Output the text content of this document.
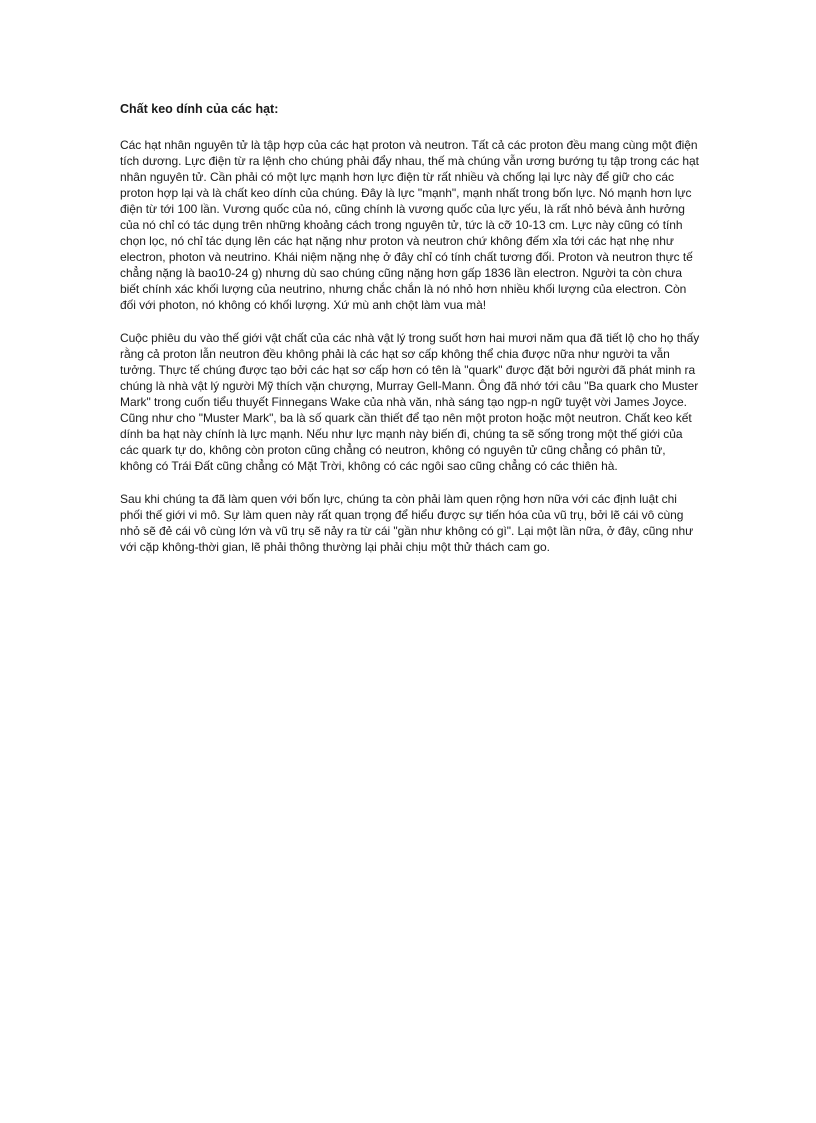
Chất keo dính của các hạt:

Các hạt nhân nguyên tử là tập hợp của các hạt proton và neutron. Tất cả các proton đều mang cùng một điện tích dương. Lực điện từ ra lệnh cho chúng phải đẩy nhau, thế mà chúng vẫn ương bướng tụ tập trong các hạt nhân nguyên tử. Cần phải có một lực mạnh hơn lực điện từ rất nhiều và chống lại lực này để giữ cho các proton hợp lại và là chất keo dính của chúng. Đây là lực "mạnh", mạnh nhất trong bốn lực. Nó mạnh hơn lực điện từ tới 100 lần. Vương quốc của nó, cũng chính là vương quốc của lực yếu, là rất nhỏ bévà ảnh hưởng của nó chỉ có tác dụng trên những khoảng cách trong nguyên tử, tức là cỡ 10-13 cm. Lực này cũng có tính chọn lọc, nó chỉ tác dụng lên các hạt nặng như proton và neutron chứ không đếm xỉa tới các hạt nhẹ như electron, photon và neutrino. Khái niệm nặng nhẹ ở đây chỉ có tính chất tương đối. Proton và neutron thực tế chẳng nặng là bao10-24 g) nhưng dù sao chúng cũng nặng hơn gấp 1836 lần electron. Người ta còn chưa biết chính xác khối lượng của neutrino, nhưng chắc chắn là nó nhỏ hơn nhiều khối lượng của electron. Còn đối với photon, nó không có khối lượng. Xứ mù anh chột làm vua mà!

Cuộc phiêu du vào thế giới vật chất của các nhà vật lý trong suốt hơn hai mươi năm qua đã tiết lộ cho họ thấy rằng cả proton lẫn neutron đều không phải là các hạt sơ cấp không thể chia được nữa như người ta vẫn tưởng. Thực tế chúng được tạo bởi các hạt sơ cấp hơn có tên là "quark" được đặt bởi người đã phát minh ra chúng là nhà vật lý người Mỹ thích vặn chượng, Murray Gell-Mann. Ông đã nhớ tới câu "Ba quark cho Muster Mark" trong cuốn tiểu thuyết Finnegans Wake của nhà văn, nhà sáng tạo ngp-n ngữ tuyệt vời James Joyce. Cũng như cho "Muster Mark", ba là số quark cần thiết để tạo nên một proton hoặc một neutron. Chất keo kết dính ba hạt này chính là lực mạnh. Nếu như lực mạnh này biến đi, chúng ta sẽ sống trong một thế giới của các quark tự do, không còn proton cũng chẳng có neutron, không có nguyên tử cũng chẳng có phân tử, không có Trái Đất cũng chẳng có Mặt Trời, không có các ngôi sao cũng chẳng có các thiên hà.

Sau khi chúng ta đã làm quen với bốn lực, chúng ta còn phải làm quen rộng hơn nữa với các định luật chi phối thế giới vi mô. Sự làm quen này rất quan trọng để hiểu được sự tiến hóa của vũ trụ, bởi lẽ cái vô cùng nhỏ sẽ đẻ cái vô cùng lớn và vũ trụ sẽ nảy ra từ cái "gần như không có gì". Lại một lần nữa, ở đây, cũng như với cặp không-thời gian, lẽ phải thông thường lại phải chịu một thử thách cam go.
